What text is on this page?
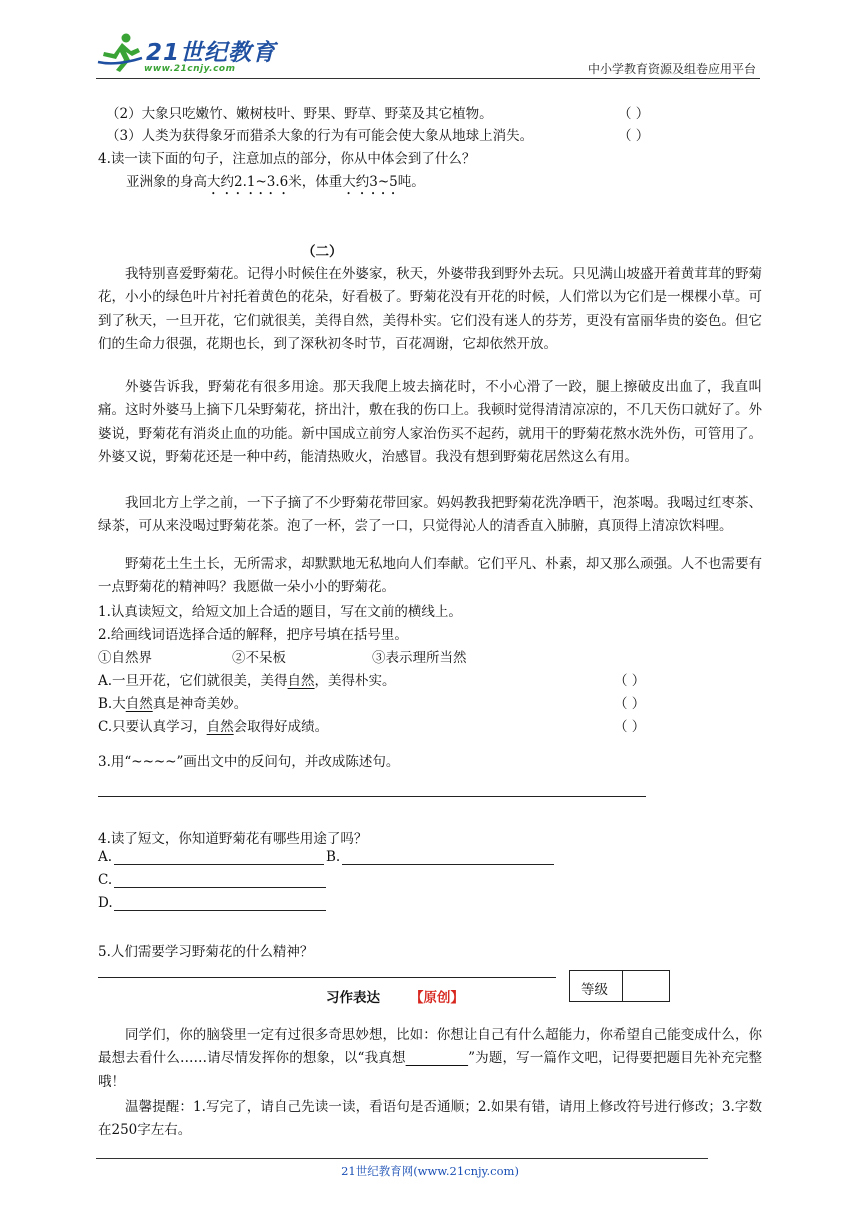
21世纪教育
www.21cnjy.com	中小学教育资源及组卷应用平台
（2）大象只吃嫩竹、嫩树枝叶、野果、野草、野菜及其它植物。	（ ）
（3）人类为获得象牙而猎杀大象的行为有可能会使大象从地球上消失。	（ ）
4.读一读下面的句子，注意加点的部分，你从中体会到了什么？
亚洲象的身高大约2.1~3.6米，体重大约3~5吨。
（二）
我特别喜爱野菊花。记得小时候住在外婆家，秋天，外婆带我到野外去玩。只见满山坡盛开着黄茸茸的野菊花，小小的绿色叶片衬托着黄色的花朵，好看极了。野菊花没有开花的时候，人们常以为它们是一棵棵小草。可到了秋天，一旦开花，它们就很美，美得自然，美得朴实。它们没有迷人的芬芳，更没有富丽华贵的姿色。但它们的生命力很强，花期也长，到了深秋初冬时节，百花凋谢，它却依然开放。
外婆告诉我，野菊花有很多用途。那天我爬上坡去摘花时，不小心滑了一跤，腿上擦破皮出血了，我直叫痛。这时外婆马上摘下几朵野菊花，挤出汁，敷在我的伤口上。我顿时觉得清清凉凉的，不几天伤口就好了。外婆说，野菊花有消炎止血的功能。新中国成立前穷人家治伤买不起药，就用干的野菊花熬水洗外伤，可管用了。外婆又说，野菊花还是一种中药，能清热败火，治感冒。我没有想到野菊花居然这么有用。
我回北方上学之前，一下子摘了不少野菊花带回家。妈妈教我把野菊花洗净晒干，泡茶喝。我喝过红枣茶、绿茶，可从来没喝过野菊花茶。泡了一杯，尝了一口，只觉得沁人的清香直入肺腑，真顶得上清凉饮料哩。
野菊花土生土长，无所需求，却默默地无私地向人们奉献。它们平凡、朴素，却又那么顽强。人不也需要有一点野菊花的精神吗？我愿做一朵小小的野菊花。
1.认真读短文，给短文加上合适的题目，写在文前的横线上。
2.给画线词语选择合适的解释，把序号填在括号里。
①自然界	②不呆板	③表示理所当然
A.一旦开花，它们就很美，美得自然，美得朴实。	（ ）
B.大自然真是神奇美妙。	（ ）
C.只要认真学习，自然会取得好成绩。	（ ）
3.用“~~~~”画出文中的反问句，并改成陈述句。
4.读了短文，你知道野菊花有哪些用途了吗？
A.	B.
C.
D.
5.人们需要学习野菊花的什么精神？
习作表达 【原创】	等级
同学们，你的脑袋里一定有过很多奇思妙想，比如：你想让自己有什么超能力，你希望自己能变成什么，你最想去看什么……请尽情发挥你的想象，以“我真想	”为题，写一篇作文吧，记得要把题目先补充完整哦！
温馨提醒：1.写完了，请自己先读一读，看语句是否通顺；2.如果有错，请用上修改符号进行修改；3.字数在250字左右。
21世纪教育网(www.21cnjy.com)
